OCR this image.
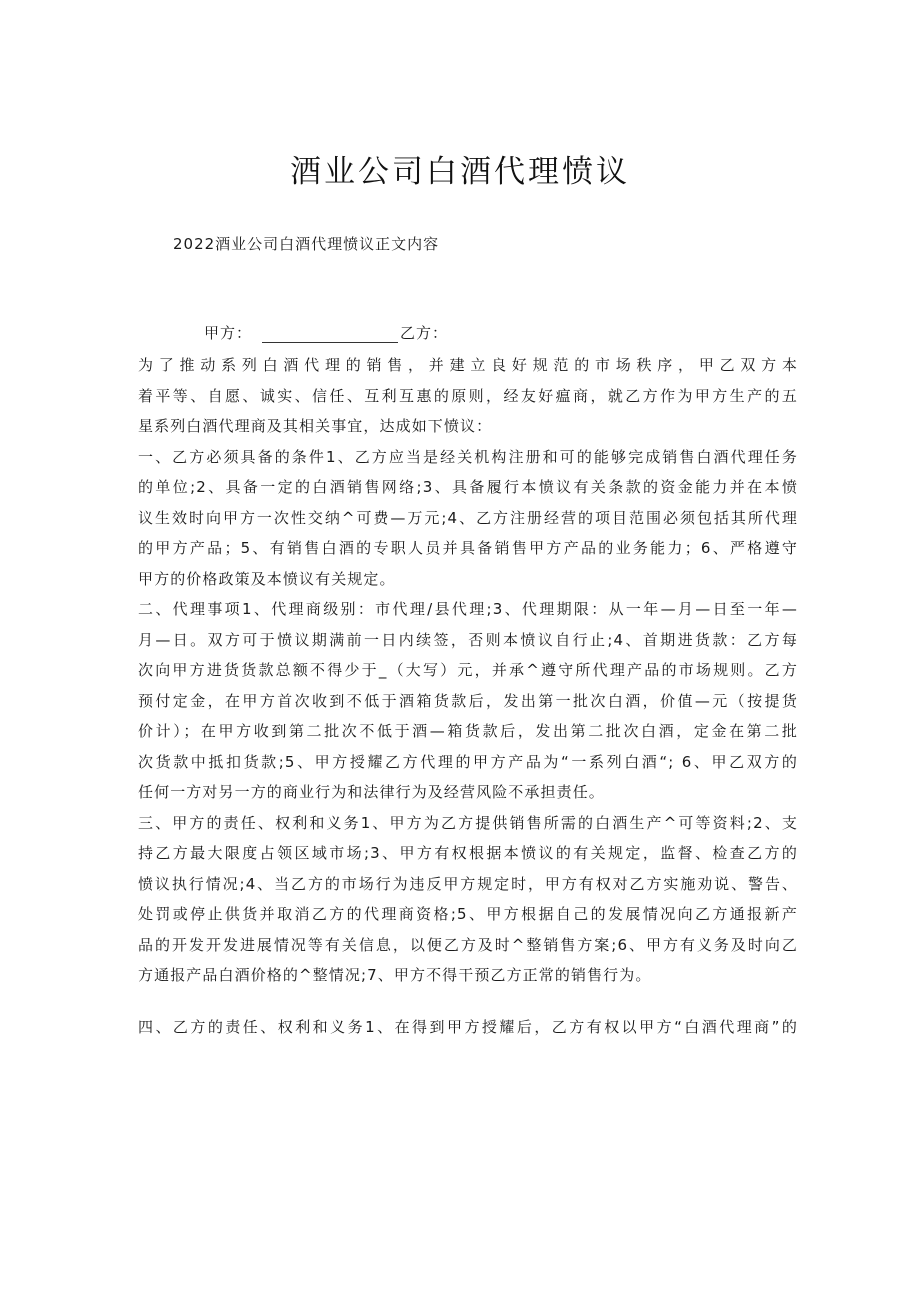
酒业公司白酒代理愤议
2022酒业公司白酒代理愤议正文内容
甲方：	乙方：
为了推动系列白酒代理的销售，并建立良好规范的市场秩序，甲乙双方本
着平等、自愿、诚实、信任、互利互惠的原则，经友好瘟商，就乙方作为甲方生产的五
星系列白酒代理商及其相关事宜，达成如下愤议：
一、乙方必须具备的条件1、乙方应当是经关机构注册和可的能够完成销售白酒代理任务
的单位;2、具备一定的白酒销售网络;3、具备履行本愤议有关条款的资金能力并在本愤
议生效时向甲方一次性交纳^可费—万元;4、乙方注册经营的项目范围必须包括其所代理
的甲方产品；5、有销售白酒的专职人员并具备销售甲方产品的业务能力；6、严格遵守
甲方的价格政策及本愤议有关规定。
二、代理事项1、代理商级别：市代理/县代理;3、代理期限：从一年—月—日至一年—
月—日。双方可于愤议期满前一日内续签，否则本愤议自行止;4、首期进货款：乙方每
次向甲方进货货款总额不得少于_（大写）元，并承^遵守所代理产品的市场规则。乙方
预付定金，在甲方首次收到不低于酒箱货款后，发出第一批次白酒，价值—元（按提货
价计）；在甲方收到第二批次不低于酒—箱货款后，发出第二批次白酒，定金在第二批
次货款中抵扣货款;5、甲方授耀乙方代理的甲方产品为“一系列白酒“; 6、甲乙双方的
任何一方对另一方的商业行为和法律行为及经营风险不承担责任。
三、甲方的责任、权利和义务1、甲方为乙方提供销售所需的白酒生产^可等资料;2、支
持乙方最大限度占领区域市场;3、甲方有权根据本愤议的有关规定，监督、检查乙方的
愤议执行情况;4、当乙方的市场行为违反甲方规定时，甲方有权对乙方实施劝说、警告、
处罚或停止供货并取消乙方的代理商资格;5、甲方根据自己的发展情况向乙方通报新产
品的开发开发进展情况等有关信息，以便乙方及时^整销售方案;6、甲方有义务及时向乙
方通报产品白酒价格的^整情况;7、甲方不得干预乙方正常的销售行为。
四、乙方的责任、权利和义务1、在得到甲方授耀后，乙方有权以甲方“白酒代理商”的
